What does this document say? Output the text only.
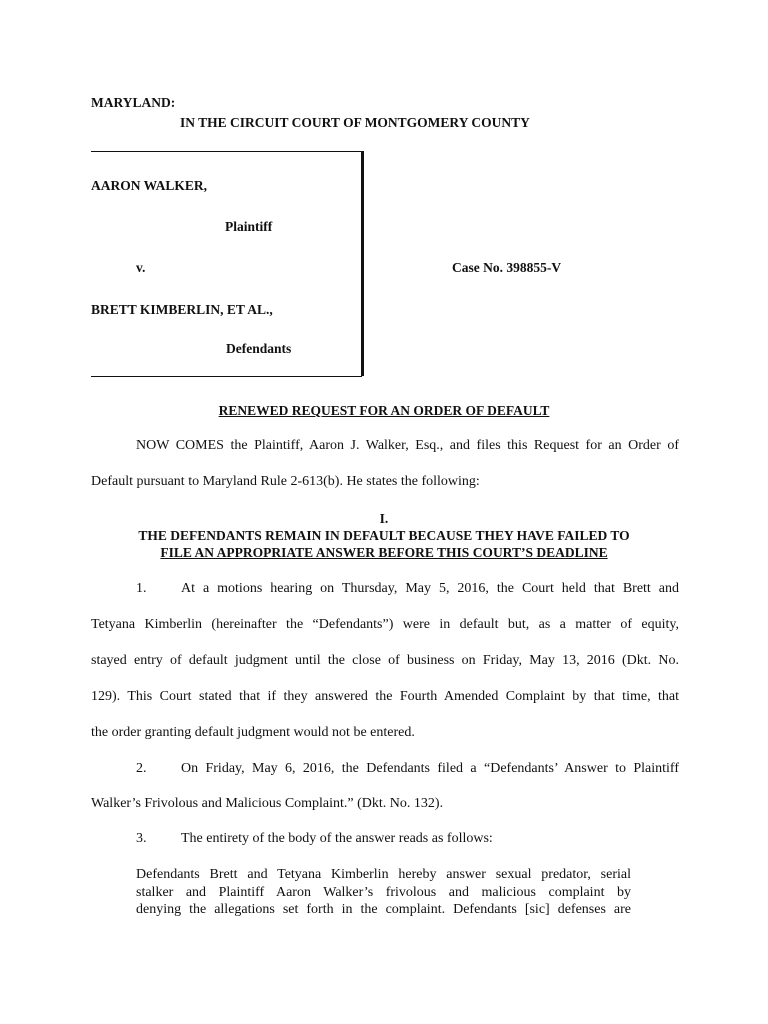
MARYLAND:
IN THE CIRCUIT COURT OF MONTGOMERY COUNTY
AARON WALKER,
Plaintiff
v.	Case No. 398855-V
BRETT KIMBERLIN, ET AL.,
Defendants
RENEWED REQUEST FOR AN ORDER OF DEFAULT
NOW COMES the Plaintiff, Aaron J. Walker, Esq., and files this Request for an Order of
Default pursuant to Maryland Rule 2-613(b). He states the following:
I.
THE DEFENDANTS REMAIN IN DEFAULT BECAUSE THEY HAVE FAILED TO
FILE AN APPROPRIATE ANSWER BEFORE THIS COURT’S DEADLINE
1. At a motions hearing on Thursday, May 5, 2016, the Court held that Brett and
Tetyana Kimberlin (hereinafter the “Defendants”) were in default but, as a matter of equity,
stayed entry of default judgment until the close of business on Friday, May 13, 2016 (Dkt. No.
129). This Court stated that if they answered the Fourth Amended Complaint by that time, that
the order granting default judgment would not be entered.
2. On Friday, May 6, 2016, the Defendants filed a “Defendants’ Answer to Plaintiff
Walker’s Frivolous and Malicious Complaint.” (Dkt. No. 132).
3. The entirety of the body of the answer reads as follows:

Defendants Brett and Tetyana Kimberlin hereby answer sexual predator, serial

stalker and Plaintiff Aaron Walker’s frivolous and malicious complaint by

denying the allegations set forth in the complaint. Defendants [sic] defenses are
